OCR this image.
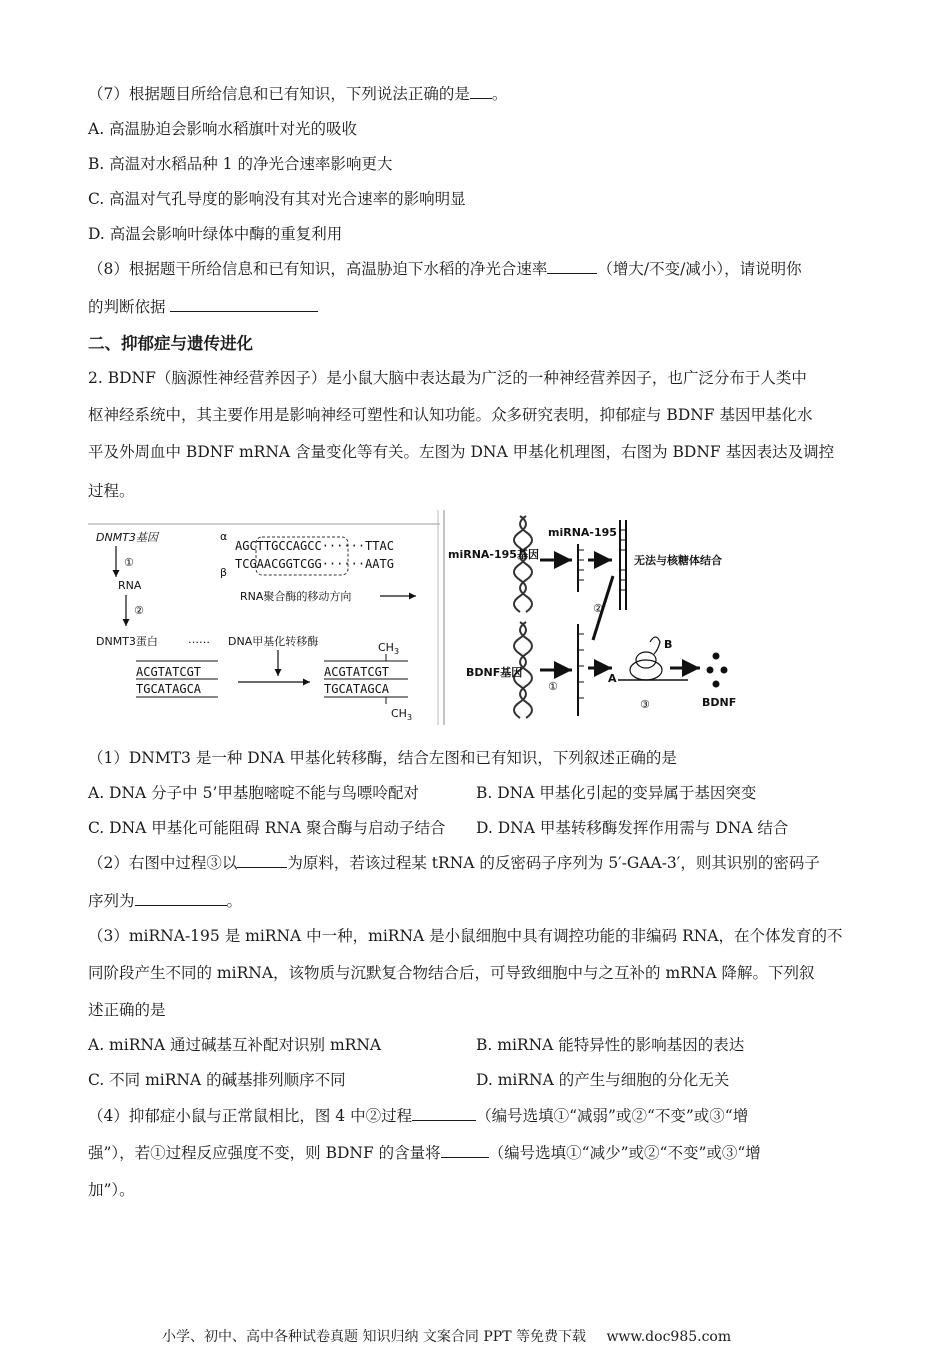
（7）根据题目所给信息和已有知识，下列说法正确的是 。
A. 高温胁迫会影响水稻旗叶对光的吸收
B. 高温对水稻品种 1 的净光合速率影响更大
C. 高温对气孔导度的影响没有其对光合速率的影响明显
D. 高温会影响叶绿体中酶的重复利用
（8）根据题干所给信息和已有知识，高温胁迫下水稻的净光合速率	（增大/不变/减小），请说明你
的判断依据
二、抑郁症与遗传进化
2. BDNF（脑源性神经营养因子）是小鼠大脑中表达最为广泛的一种神经营养因子，也广泛分布于人类中
枢神经系统中，其主要作用是影响神经可塑性和认知功能。众多研究表明，抑郁症与 BDNF 基因甲基化水
平及外周血中 BDNF mRNA 含量变化等有关。左图为 DNA 甲基化机理图，右图为 BDNF 基因表达及调控
过程。
DNMT3基因
①
RNA
②
DNMT3蛋白	……
α
β
AGCTTGCCAGCC······TTAC
TCGAACGGTCGG······AATG
RNA聚合酶的移动方向
DNA甲基化转移酶
ACGTATCGT
TGCATAGCA
$CH_3$
ACGTATCGT
TGCATAGCA
$CH_3$
miRNA-195基因
miRNA-195
无法与核糖体结合
②
BDNF基因
①
A
B
③	BDNF
（1）DNMT3 是一种 DNA 甲基化转移酶，结合左图和已有知识，下列叙述正确的是
A. DNA 分子中 5’甲基胞嘧啶不能与鸟嘌呤配对	B. DNA 甲基化引起的变异属于基因突变
C. DNA 甲基化可能阻碍 RNA 聚合酶与启动子结合 D. DNA 甲基转移酶发挥作用需与 DNA 结合
（2）右图中过程③以	为原料，若该过程某 tRNA 的反密码子序列为 5′-GAA-3′，则其识别的密码子
序列为	。
（3）miRNA-195 是 miRNA 中一种，miRNA 是小鼠细胞中具有调控功能的非编码 RNA，在个体发育的不
同阶段产生不同的 miRNA，该物质与沉默复合物结合后，可导致细胞中与之互补的 mRNA 降解。下列叙
述正确的是
A. miRNA 通过碱基互补配对识别 mRNA	B. miRNA 能特异性的影响基因的表达
C. 不同 miRNA 的碱基排列顺序不同	D. miRNA 的产生与细胞的分化无关
（4）抑郁症小鼠与正常鼠相比，图 4 中②过程	（编号选填①“减弱”或②“不变”或③“增
强”），若①过程反应强度不变，则 BDNF 的含量将	（编号选填①“减少”或②“不变”或③“增
加”）。
小学、初中、高中各种试卷真题 知识归纳 文案合同 PPT 等免费下载 www.doc985.com
